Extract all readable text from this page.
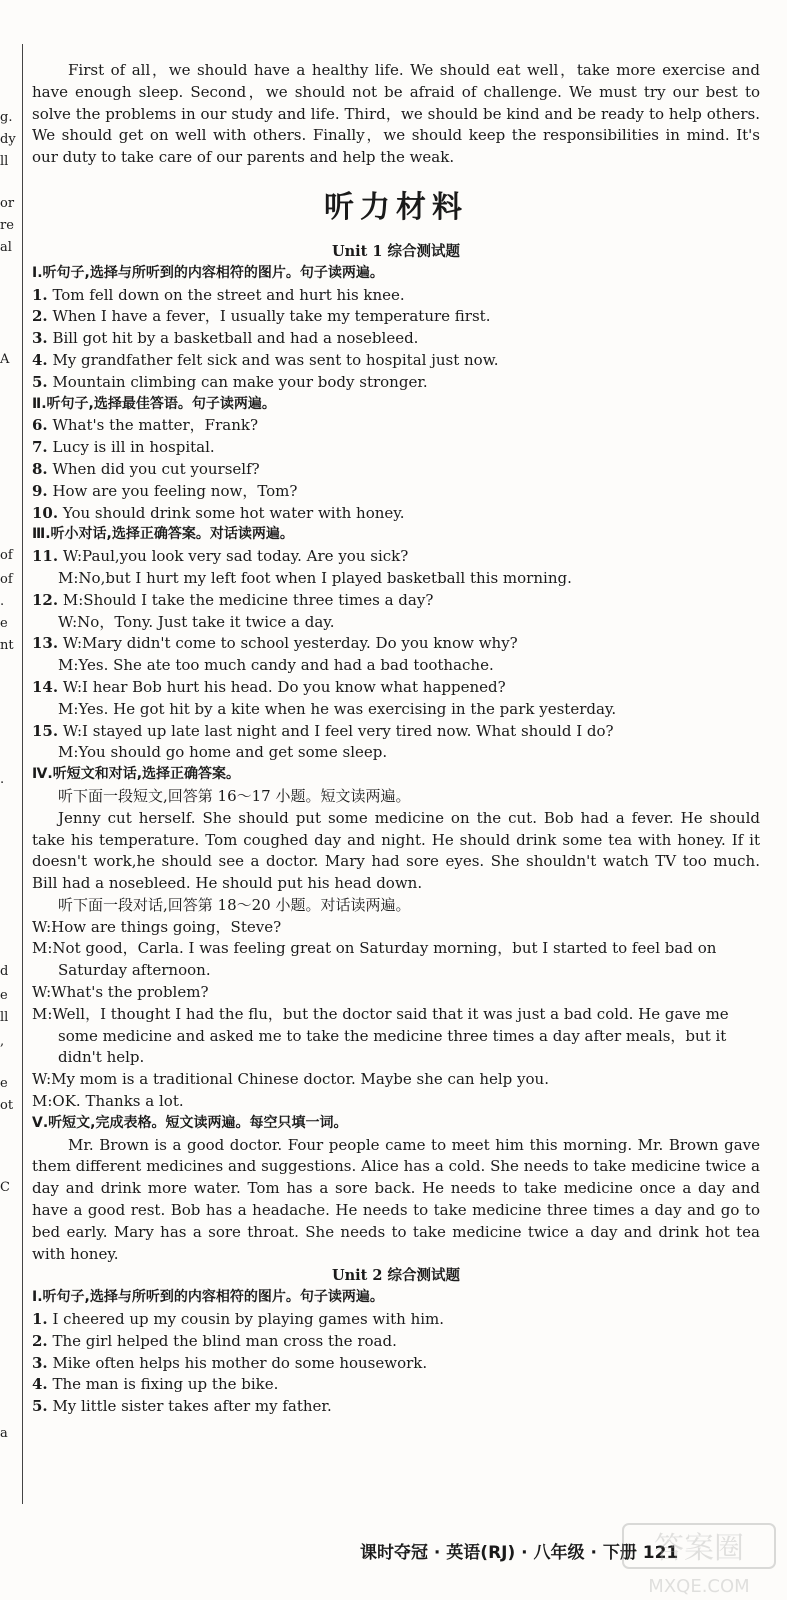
g.
dy
ll
or
re
al
A
of
of
.
e
nt
.
d
e
ll
,
e
ot
C
a

First of all，we should have a healthy life. We should eat well，take more exercise and have enough sleep. Second，we should not be afraid of challenge. We must try our best to solve the problems in our study and life. Third，we should be kind and be ready to help others. We should get on well with others. Finally，we should keep the responsibilities in mind. It's our duty to take care of our parents and help the weak.

听力材料
Unit 1 综合测试题
Ⅰ.听句子,选择与所听到的内容相符的图片。句子读两遍。
1. Tom fell down on the street and hurt his knee.
2. When I have a fever，I usually take my temperature first.
3. Bill got hit by a basketball and had a nosebleed.
4. My grandfather felt sick and was sent to hospital just now.
5. Mountain climbing can make your body stronger.
Ⅱ.听句子,选择最佳答语。句子读两遍。
6. What's the matter，Frank?
7. Lucy is ill in hospital.
8. When did you cut yourself?
9. How are you feeling now，Tom?
10. You should drink some hot water with honey.
Ⅲ.听小对话,选择正确答案。对话读两遍。
11. W:Paul,you look very sad today. Are you sick?
M:No,but I hurt my left foot when I played basketball this morning.
12. M:Should I take the medicine three times a day?
W:No，Tony. Just take it twice a day.
13. W:Mary didn't come to school yesterday. Do you know why?
M:Yes. She ate too much candy and had a bad toothache.
14. W:I hear Bob hurt his head. Do you know what happened?
M:Yes. He got hit by a kite when he was exercising in the park yesterday.
15. W:I stayed up late last night and I feel very tired now. What should I do?
M:You should go home and get some sleep.
Ⅳ.听短文和对话,选择正确答案。
听下面一段短文,回答第 16～17 小题。短文读两遍。

Jenny cut herself. She should put some medicine on the cut. Bob had a fever. He should take his temperature. Tom coughed day and night. He should drink some tea with honey. If it doesn't work,he should see a doctor. Mary had sore eyes. She shouldn't watch TV too much. Bill had a nosebleed. He should put his head down.

听下面一段对话,回答第 18～20 小题。对话读两遍。
W:How are things going，Steve?
M:Not good，Carla. I was feeling great on Saturday morning，but I started to feel bad on Saturday afternoon.
W:What's the problem?
M:Well，I thought I had the flu，but the doctor said that it was just a bad cold. He gave me some medicine and asked me to take the medicine three times a day after meals，but it didn't help.
W:My mom is a traditional Chinese doctor. Maybe she can help you.
M:OK. Thanks a lot.
Ⅴ.听短文,完成表格。短文读两遍。每空只填一词。

Mr. Brown is a good doctor. Four people came to meet him this morning. Mr. Brown gave them different medicines and suggestions. Alice has a cold. She needs to take medicine twice a day and drink more water. Tom has a sore back. He needs to take medicine once a day and have a good rest. Bob has a headache. He needs to take medicine three times a day and go to bed early. Mary has a sore throat. She needs to take medicine twice a day and drink hot tea with honey.

Unit 2 综合测试题
Ⅰ.听句子,选择与所听到的内容相符的图片。句子读两遍。
1. I cheered up my cousin by playing games with him.
2. The girl helped the blind man cross the road.
3. Mike often helps his mother do some housework.
4. The man is fixing up the bike.
5. My little sister takes after my father.
课时夺冠 · 英语(RJ) · 八年级 · 下册 121
答案圈
MXQE.COM
